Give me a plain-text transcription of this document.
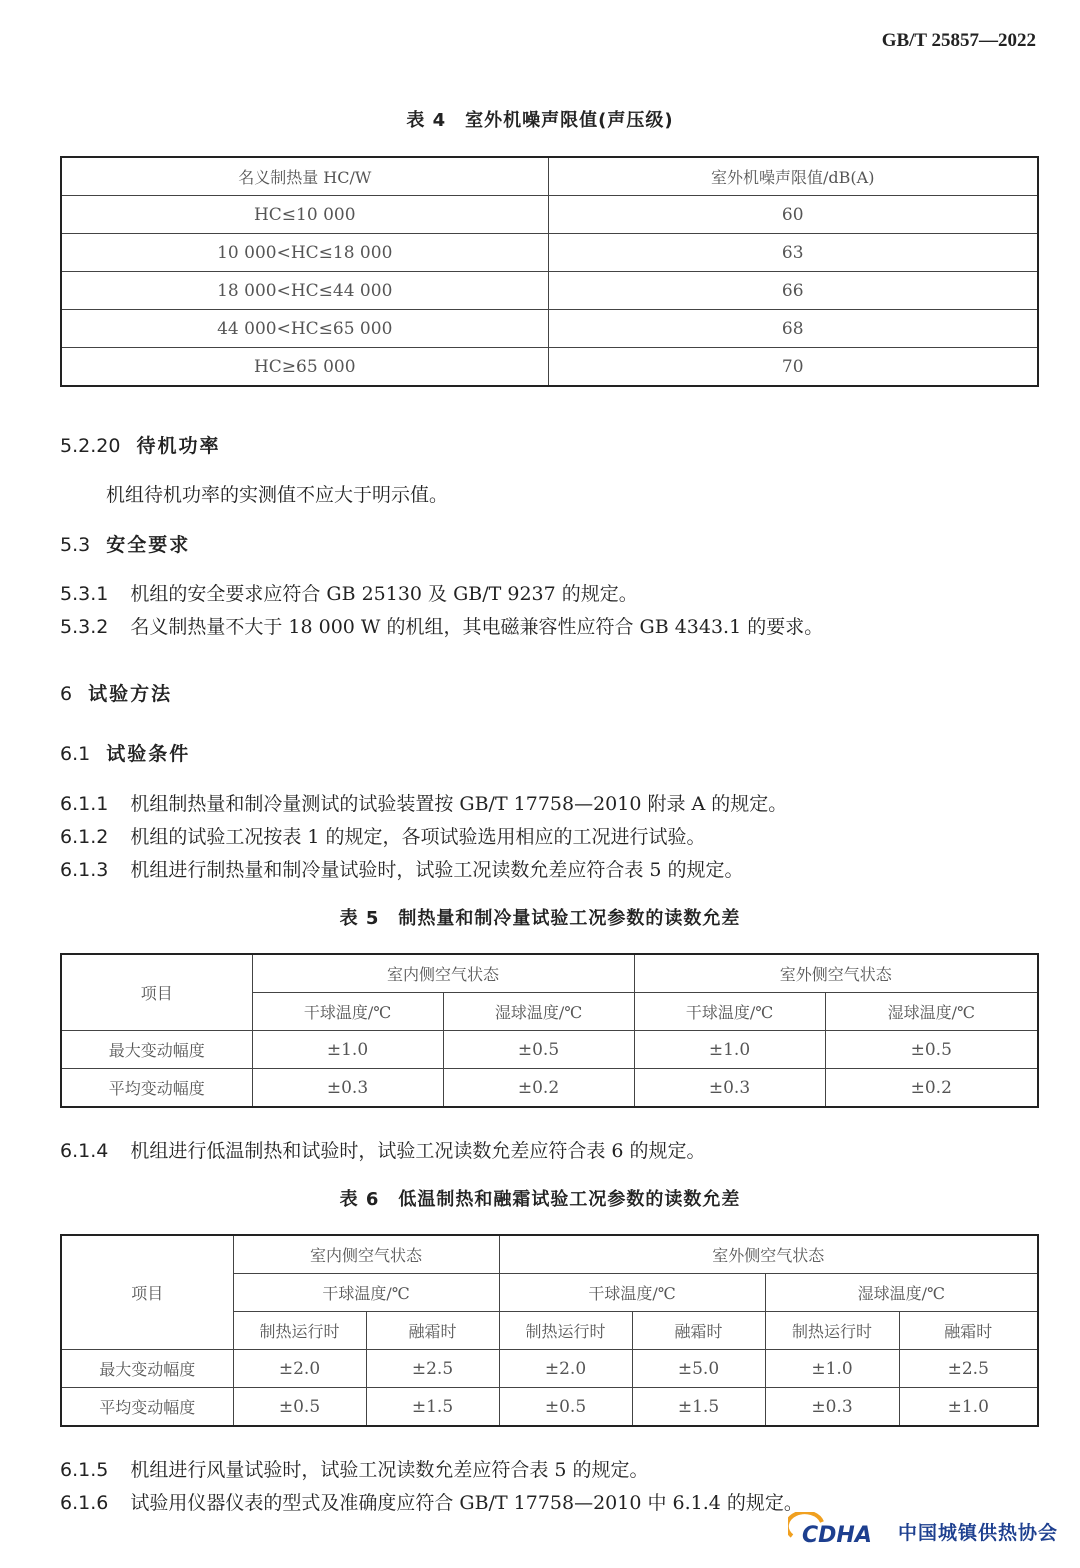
GB/T 25857—2022
表 4　室外机噪声限值(声压级)
名义制热量 HC/W	室外机噪声限值/dB(A)
HC≤10 000	60
10 000<HC≤18 000	63
18 000<HC≤44 000	66
44 000<HC≤65 000	68
HC≥65 000	70
5.2.20 待机功率
机组待机功率的实测值不应大于明示值。
5.3 安全要求
5.3.1 机组的安全要求应符合 GB 25130 及 GB/T 9237 的规定。
5.3.2 名义制热量不大于 18 000 W 的机组，其电磁兼容性应符合 GB 4343.1 的要求。
6 试验方法
6.1 试验条件
6.1.1 机组制热量和制冷量测试的试验装置按 GB/T 17758—2010 附录 A 的规定。
6.1.2 机组的试验工况按表 1 的规定，各项试验选用相应的工况进行试验。
6.1.3 机组进行制热量和制冷量试验时，试验工况读数允差应符合表 5 的规定。
表 5　制热量和制冷量试验工况参数的读数允差
项目	室内侧空气状态		室外侧空气状态	
	干球温度/℃	湿球温度/℃	干球温度/℃	湿球温度/℃
最大变动幅度	±1.0	±0.5	±1.0	±0.5
平均变动幅度	±0.3	±0.2	±0.3	±0.2
6.1.4 机组进行低温制热和试验时，试验工况读数允差应符合表 6 的规定。
表 6　低温制热和融霜试验工况参数的读数允差
项目	室内侧空气状态		室外侧空气状态			
	干球温度/℃		干球温度/℃		湿球温度/℃	
	制热运行时	融霜时	制热运行时	融霜时	制热运行时	融霜时
最大变动幅度	±2.0	±2.5	±2.0	±5.0	±1.0	±2.5
平均变动幅度	±0.5	±1.5	±0.5	±1.5	±0.3	±1.0
6.1.5 机组进行风量试验时，试验工况读数允差应符合表 5 的规定。
6.1.6 试验用仪器仪表的型式及准确度应符合 GB/T 17758—2010 中 6.1.4 的规定。
CDHA 中国城镇供热协会
